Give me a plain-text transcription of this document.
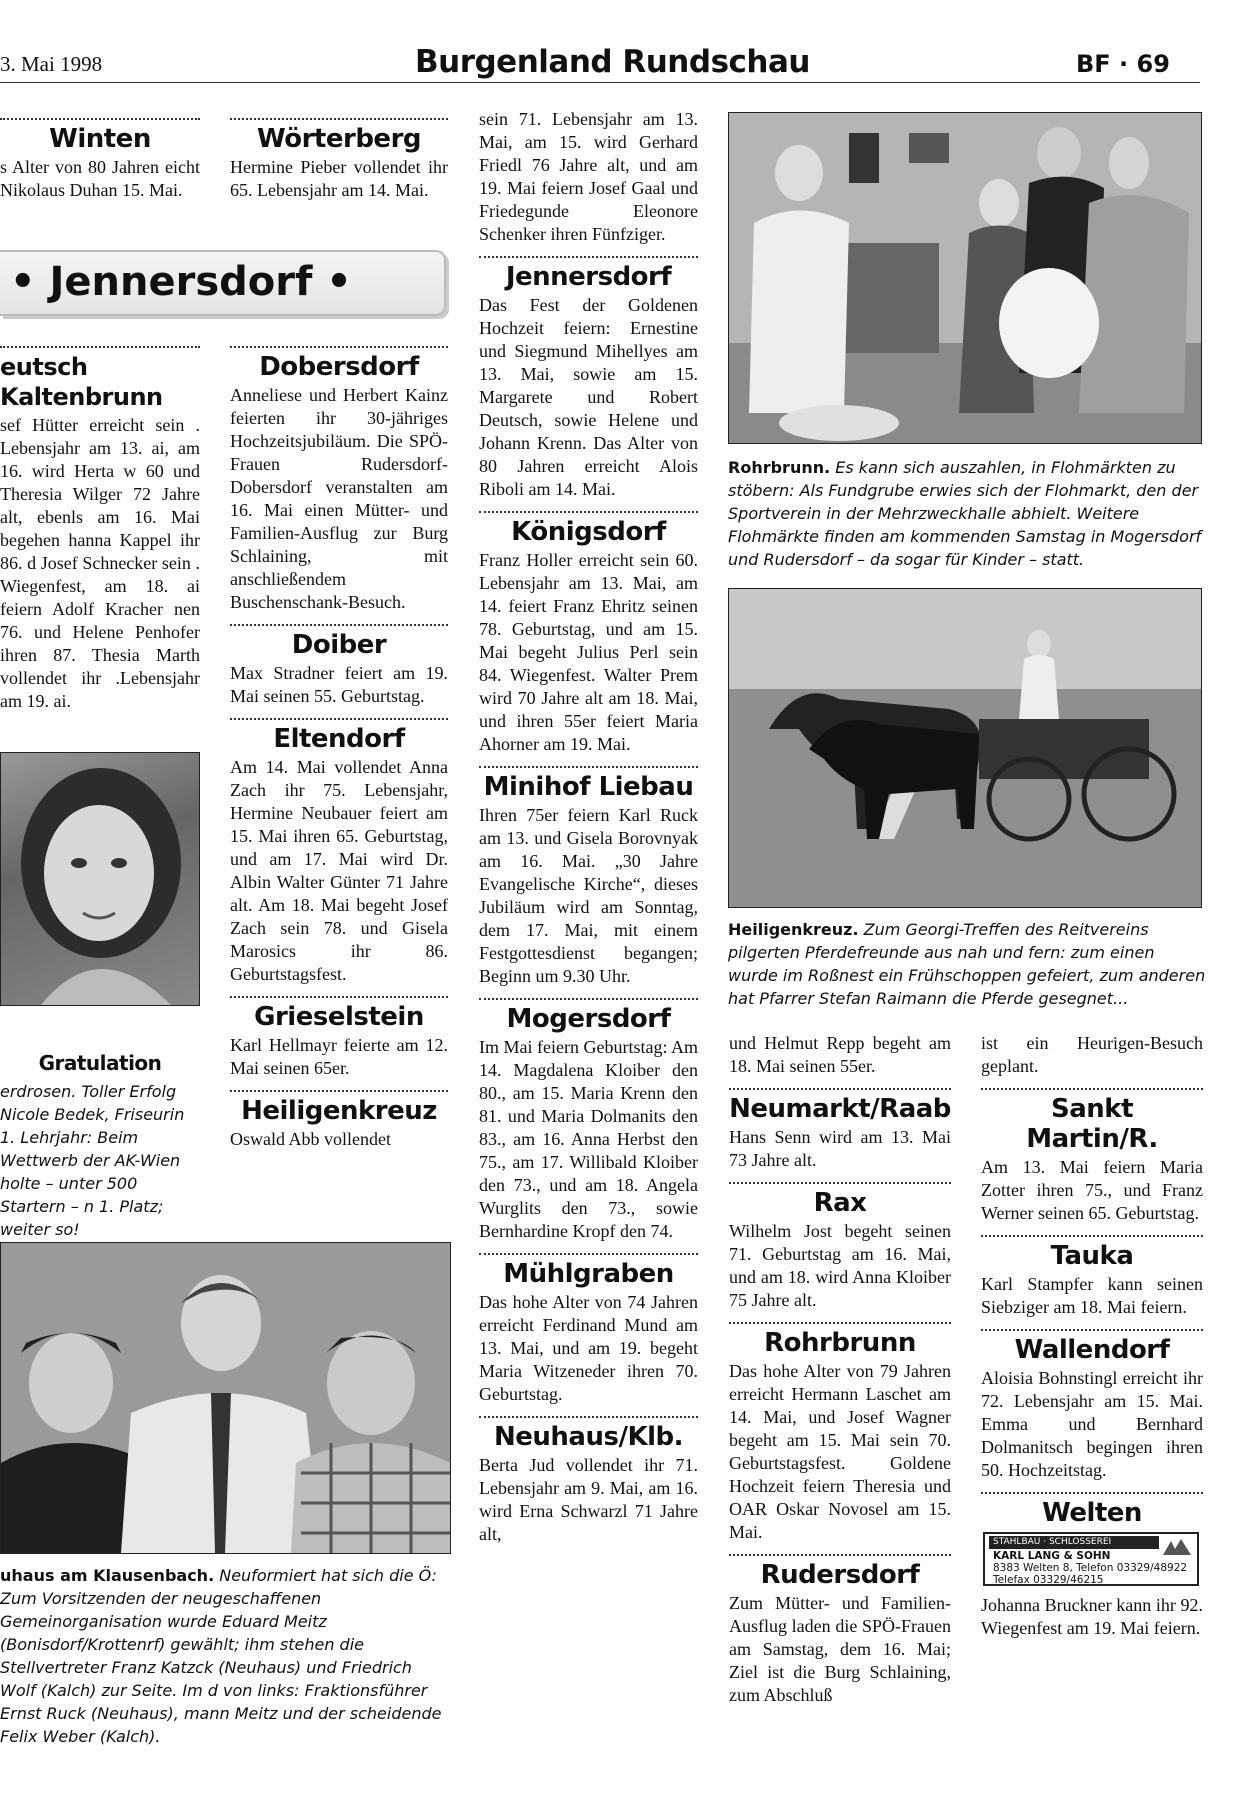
3. Mai 1998	Burgenland Rundschau	BF · 69
Winten

s Alter von 80 Jahren eicht Nikolaus Duhan 15. Mai.

• Jennersdorf •
eutsch Kaltenbrunn

sef Hütter erreicht sein . Lebensjahr am 13. ai, am 16. wird Herta w 60 und Theresia Wilger 72 Jahre alt, ebenls am 16. Mai begehen hanna Kappel ihr 86. d Josef Schnecker sein . Wiegenfest, am 18. ai feiern Adolf Kracher nen 76. und Helene Penhofer ihren 87. Thesia Marth vollendet ihr .Lebensjahr am 19. ai.

Gratulation

erdrosen. Toller Erfolg Nicole Bedek, Friseurin 1. Lehrjahr: Beim Wettwerb der AK-Wien holte – unter 500 Startern – n 1. Platz; weiter so!

Wörterberg

Hermine Pieber vollendet ihr 65. Lebensjahr am 14. Mai.

Dobersdorf

Anneliese und Herbert Kainz feierten ihr 30-jähriges Hochzeitsjubiläum. Die SPÖ-Frauen Rudersdorf-Dobersdorf veranstalten am 16. Mai einen Mütter- und Familien-Ausflug zur Burg Schlaining, mit anschließendem Buschenschank-Besuch.

Doiber

Max Stradner feiert am 19. Mai seinen 55. Geburtstag.

Eltendorf

Am 14. Mai vollendet Anna Zach ihr 75. Lebensjahr, Hermine Neubauer feiert am 15. Mai ihren 65. Geburtstag, und am 17. Mai wird Dr. Albin Walter Günter 71 Jahre alt. Am 18. Mai begeht Josef Zach sein 78. und Gisela Marosics ihr 86. Geburtstagsfest.

Grieselstein

Karl Hellmayr feierte am 12. Mai seinen 65er.

Heiligenkreuz

Oswald Abb vollendet

sein 71. Lebensjahr am 13. Mai, am 15. wird Gerhard Friedl 76 Jahre alt, und am 19. Mai feiern Josef Gaal und Friedegunde Eleonore Schenker ihren Fünfziger.

Jennersdorf

Das Fest der Goldenen Hochzeit feiern: Ernestine und Siegmund Mihellyes am 13. Mai, sowie am 15. Margarete und Robert Deutsch, sowie Helene und Johann Krenn. Das Alter von 80 Jahren erreicht Alois Riboli am 14. Mai.

Königsdorf

Franz Holler erreicht sein 60. Lebensjahr am 13. Mai, am 14. feiert Franz Ehritz seinen 78. Geburtstag, und am 15. Mai begeht Julius Perl sein 84. Wiegenfest. Walter Prem wird 70 Jahre alt am 18. Mai, und ihren 55er feiert Maria Ahorner am 19. Mai.

Minihof Liebau

Ihren 75er feiern Karl Ruck am 13. und Gisela Borovnyak am 16. Mai. „30 Jahre Evangelische Kirche“, dieses Jubiläum wird am Sonntag, dem 17. Mai, mit einem Festgottesdienst begangen; Beginn um 9.30 Uhr.

Mogersdorf

Im Mai feiern Geburtstag: Am 14. Magdalena Kloiber den 80., am 15. Maria Krenn den 81. und Maria Dolmanits den 83., am 16. Anna Herbst den 75., am 17. Willibald Kloiber den 73., und am 18. Angela Wurglits den 73., sowie Bernhardine Kropf den 74.

Mühlgraben

Das hohe Alter von 74 Jahren erreicht Ferdinand Mund am 13. Mai, und am 19. begeht Maria Witzeneder ihren 70. Geburtstag.

Neuhaus/Klb.

Berta Jud vollendet ihr 71. Lebensjahr am 9. Mai, am 16. wird Erna Schwarzl 71 Jahre alt,

uhaus am Klausenbach. Neuformiert hat sich die Ö: Zum Vorsitzenden der neugeschaffenen Gemeinorganisation wurde Eduard Meitz (Bonisdorf/Krottenrf) gewählt; ihm stehen die Stellvertreter Franz Katzck (Neuhaus) und Friedrich Wolf (Kalch) zur Seite. Im d von links: Fraktionsführer Ernst Ruck (Neuhaus), mann Meitz und der scheidende Felix Weber (Kalch).
Rohrbrunn. Es kann sich auszahlen, in Flohmärkten zu stöbern: Als Fundgrube erwies sich der Flohmarkt, den der Sportverein in der Mehrzweckhalle abhielt. Weitere Flohmärkte finden am kommenden Samstag in Mogersdorf und Rudersdorf – da sogar für Kinder – statt.
Heiligenkreuz. Zum Georgi-Treffen des Reitvereins pilgerten Pferdefreunde aus nah und fern: zum einen wurde im Roßnest ein Frühschoppen gefeiert, zum anderen hat Pfarrer Stefan Raimann die Pferde gesegnet...

und Helmut Repp begeht am 18. Mai seinen 55er.

Neumarkt/Raab

Hans Senn wird am 13. Mai 73 Jahre alt.

Rax

Wilhelm Jost begeht seinen 71. Geburtstag am 16. Mai, und am 18. wird Anna Kloiber 75 Jahre alt.

Rohrbrunn

Das hohe Alter von 79 Jahren erreicht Hermann Laschet am 14. Mai, und Josef Wagner begeht am 15. Mai sein 70. Geburtstagsfest. Goldene Hochzeit feiern Theresia und OAR Oskar Novosel am 15. Mai.

Rudersdorf

Zum Mütter- und Familien-Ausflug laden die SPÖ-Frauen am Samstag, dem 16. Mai; Ziel ist die Burg Schlaining, zum Abschluß

ist ein Heurigen-Besuch geplant.

Sankt Martin/R.

Am 13. Mai feiern Maria Zotter ihren 75., und Franz Werner seinen 65. Geburtstag.

Tauka

Karl Stampfer kann seinen Siebziger am 18. Mai feiern.

Wallendorf

Aloisia Bohnstingl erreicht ihr 72. Lebensjahr am 15. Mai. Emma und Bernhard Dolmanitsch begingen ihren 50. Hochzeitstag.

Welten
STAHLBAU · SCHLOSSEREI
KARL LANG & SOHN
8383 Welten 8, Telefon 03329/48922
Telefax 03329/46215

Johanna Bruckner kann ihr 92. Wiegenfest am 19. Mai feiern.
